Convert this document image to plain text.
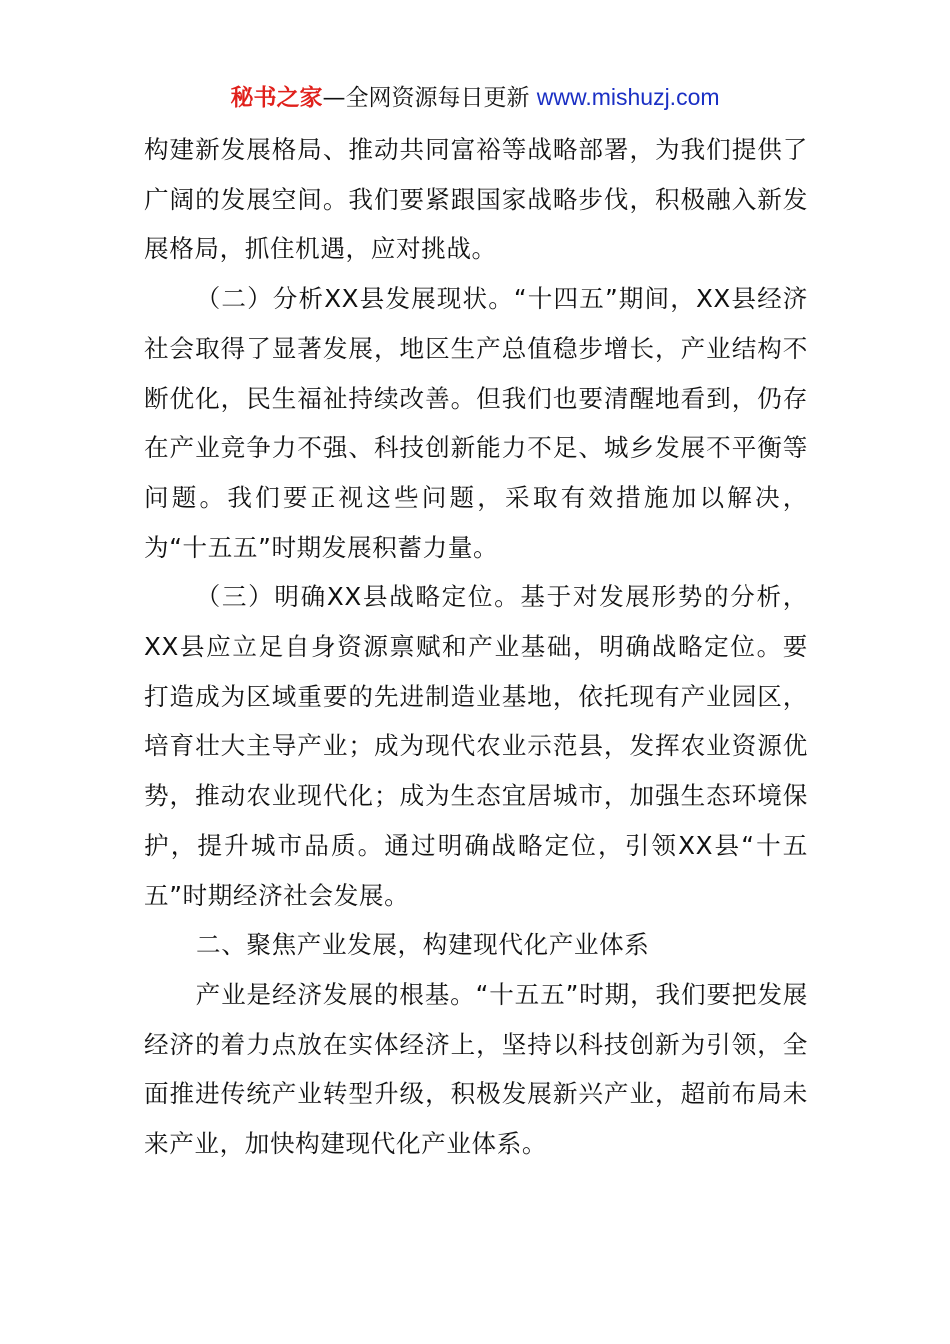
秘书之家—全网资源每日更新 www.mishuzj.com

构建新发展格局、推动共同富裕等战略部署，为我们提供了广阔的发展空间。我们要紧跟国家战略步伐，积极融入新发展格局，抓住机遇，应对挑战。

（二）分析XX县发展现状。“十四五”期间，XX县经济社会取得了显著发展，地区生产总值稳步增长，产业结构不断优化，民生福祉持续改善。但我们也要清醒地看到，仍存在产业竞争力不强、科技创新能力不足、城乡发展不平衡等问题。我们要正视这些问题，采取有效措施加以解决，为“十五五”时期发展积蓄力量。

（三）明确XX县战略定位。基于对发展形势的分析，XX县应立足自身资源禀赋和产业基础，明确战略定位。要打造成为区域重要的先进制造业基地，依托现有产业园区，培育壮大主导产业；成为现代农业示范县，发挥农业资源优势，推动农业现代化；成为生态宜居城市，加强生态环境保护，提升城市品质。通过明确战略定位，引领XX县“十五五”时期经济社会发展。

二、聚焦产业发展，构建现代化产业体系

产业是经济发展的根基。“十五五”时期，我们要把发展经济的着力点放在实体经济上，坚持以科技创新为引领，全面推进传统产业转型升级，积极发展新兴产业，超前布局未来产业，加快构建现代化产业体系。
